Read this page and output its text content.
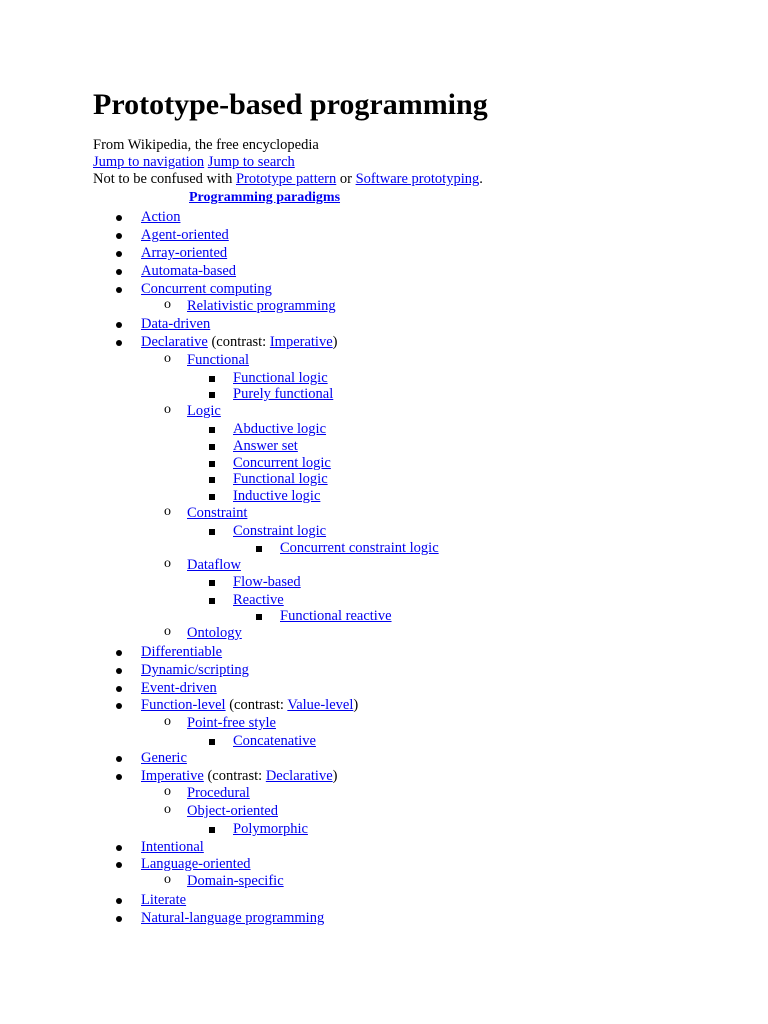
Prototype-based programming
From Wikipedia, the free encyclopedia
Jump to navigation Jump to search
Not to be confused with Prototype pattern or Software prototyping.
Programming paradigms
Action
Agent-oriented
Array-oriented
Automata-based
Concurrent computing
o Relativistic programming
Data-driven
Declarative (contrast: Imperative)
o Functional
Functional logic
Purely functional
o Logic
Abductive logic
Answer set
Concurrent logic
Functional logic
Inductive logic
o Constraint
Constraint logic
Concurrent constraint logic
o Dataflow
Flow-based
Reactive
Functional reactive
o Ontology
Differentiable
Dynamic/scripting
Event-driven
Function-level (contrast: Value-level)
o Point-free style
Concatenative
Generic
Imperative (contrast: Declarative)
o Procedural
o Object-oriented
Polymorphic
Intentional
Language-oriented
o Domain-specific
Literate
Natural-language programming
